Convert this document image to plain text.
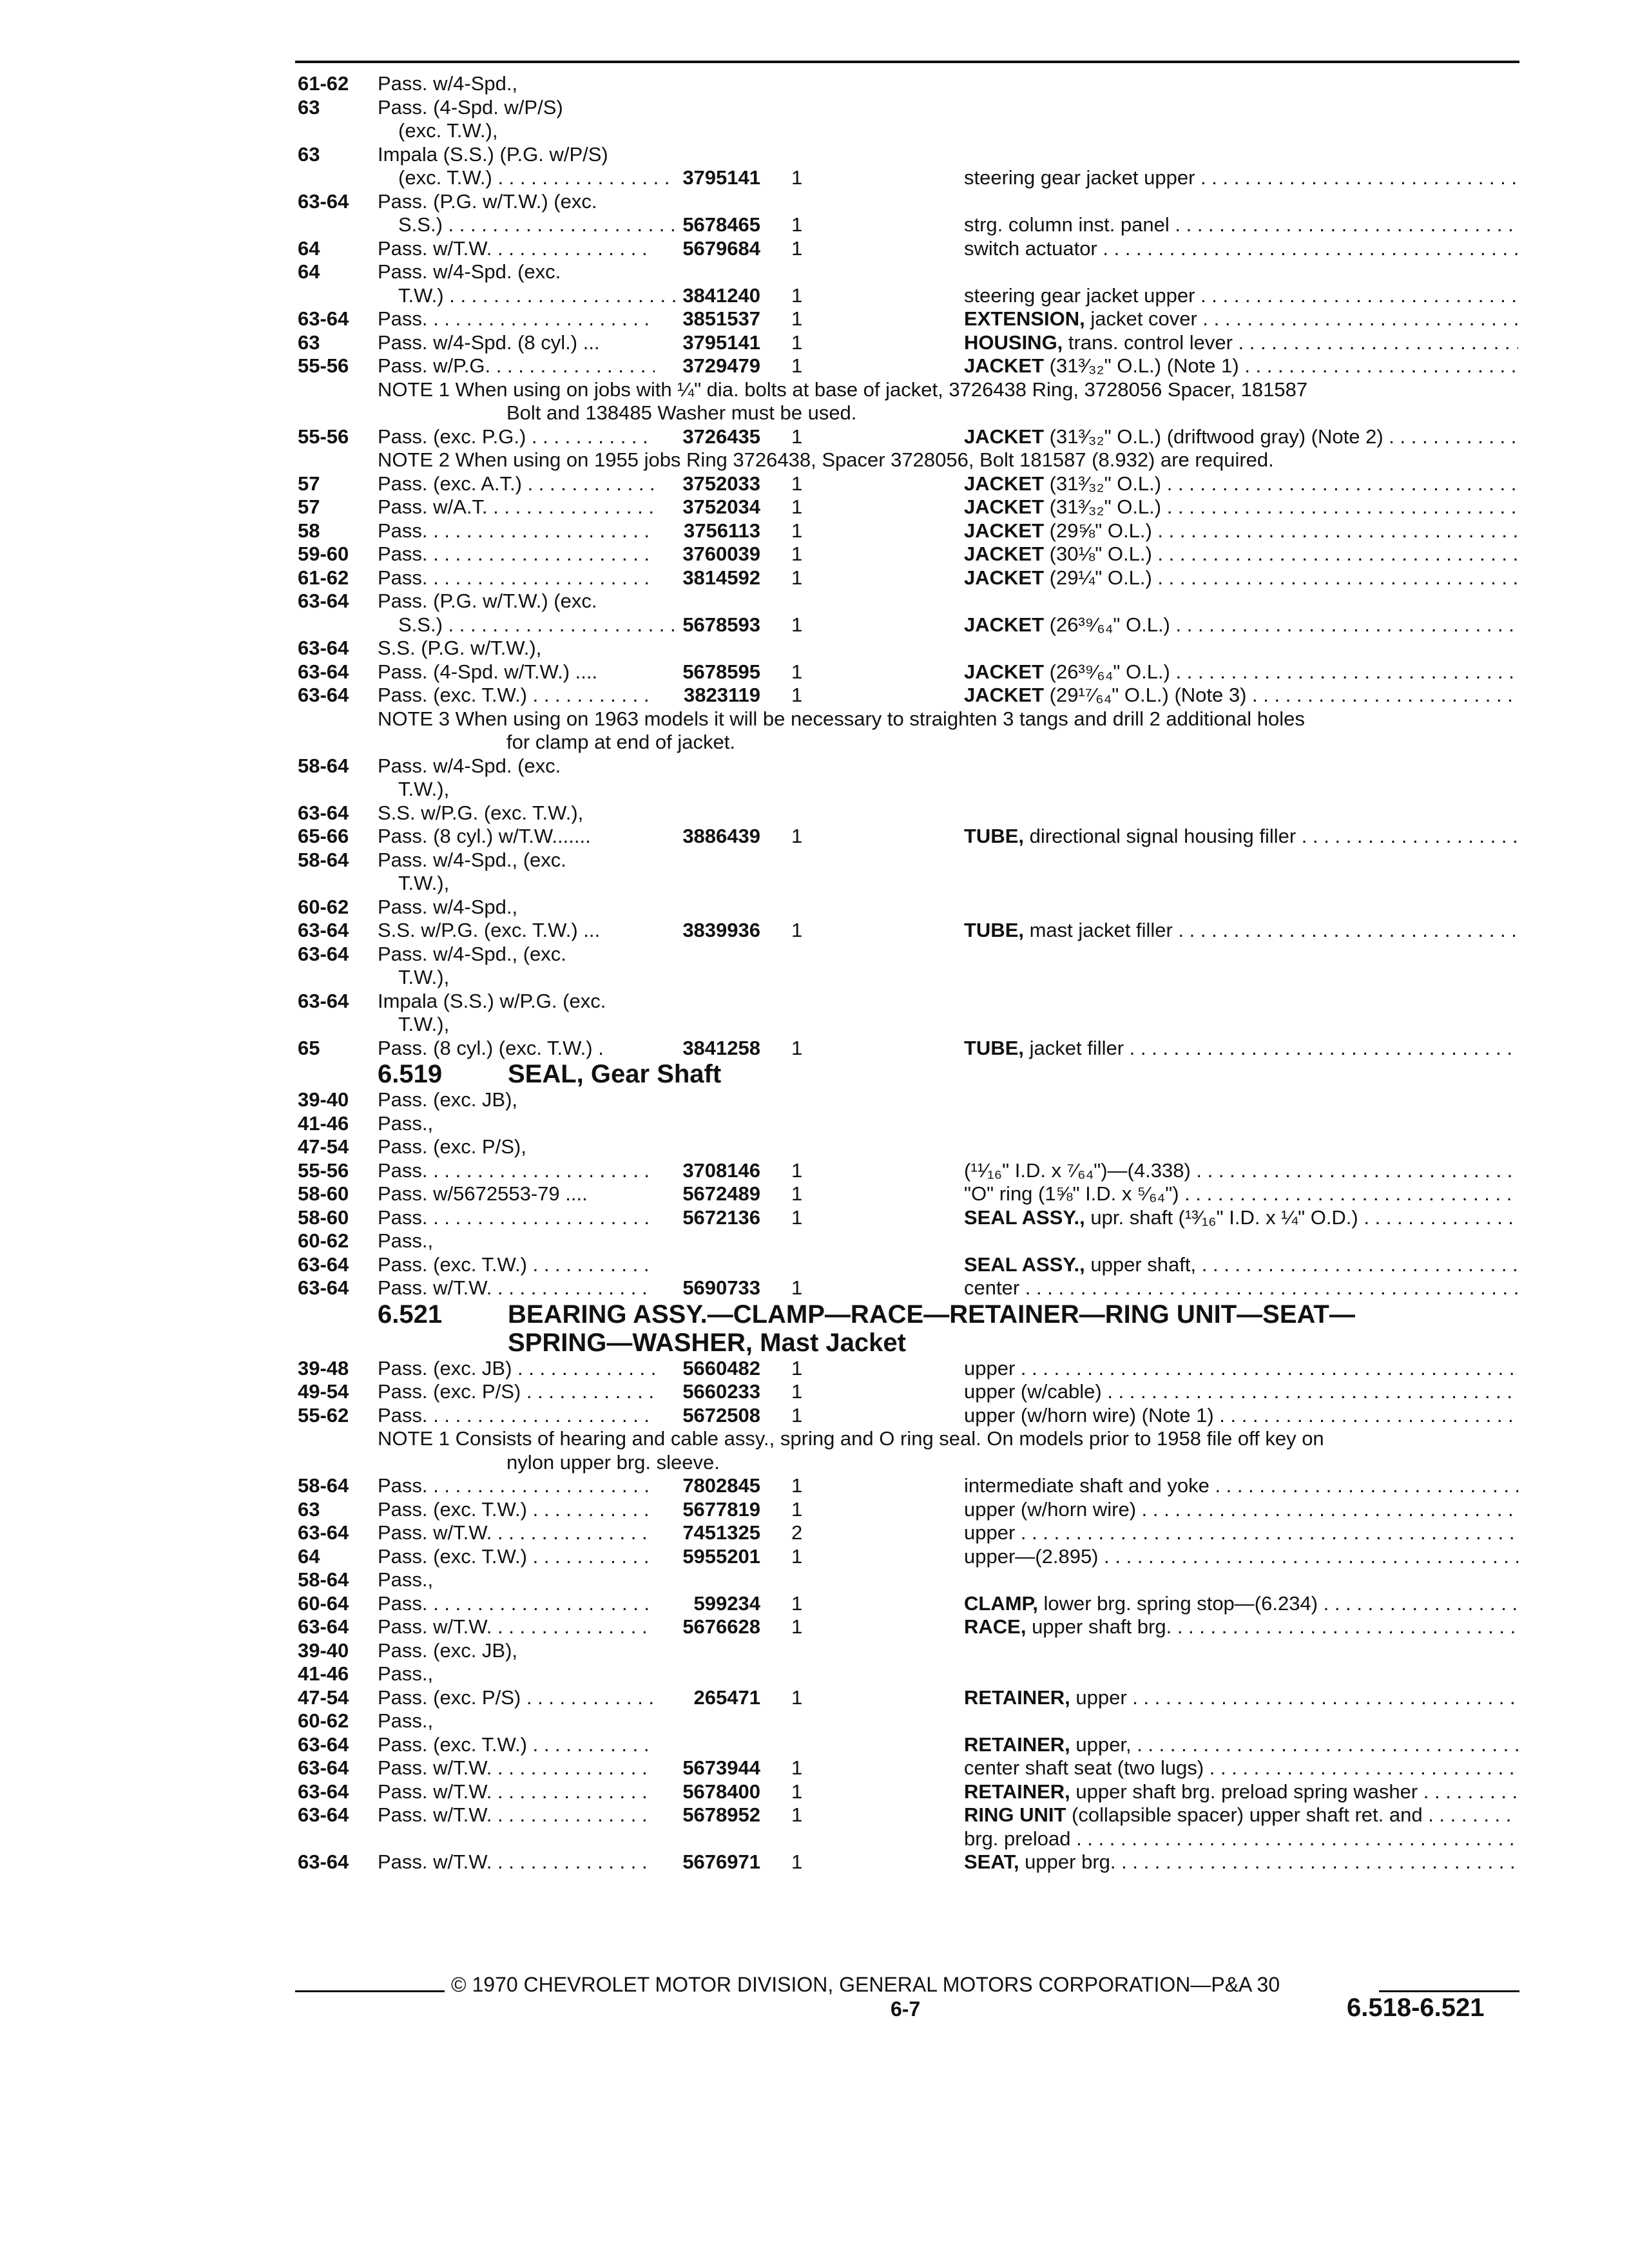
61-62 Pass. w/4-Spd.,
63	Pass. (4-Spd. w/P/S)
(exc. T.W.),
63	Impala (S.S.) (P.G. w/P/S)
(exc. T.W.) . . .	3795141 1	steering gear jacket upper . . .
63-64 Pass. (P.G. w/T.W.) (exc.
S.S.) . . .	5678465 1	strg. column inst. panel . . .
64	Pass. w/T.W. . . .	5679684 1	switch actuator . . .
64	Pass. w/4-Spd. (exc.
T.W.) . . .	3841240 1	steering gear jacket upper . . .
63-64 Pass. . . .	3851537 1	EXTENSION, jacket cover . . .
63	Pass. w/4-Spd. (8 cyl.) ...	3795141 1	HOUSING, trans. control lever . . .
55-56 Pass. w/P.G. . . .	3729479 1	JACKET (31³⁄₃₂" O.L.) (Note 1) . . .
NOTE 1 When using on jobs with ¼" dia. bolts at base of jacket, 3726438 Ring, 3728056 Spacer, 181587
Bolt and 138485 Washer must be used.
55-56 Pass. (exc. P.G.) . . .	3726435 1	JACKET (31³⁄₃₂" O.L.) (driftwood gray) (Note 2) . . .
NOTE 2 When using on 1955 jobs Ring 3726438, Spacer 3728056, Bolt 181587 (8.932) are required.
57	Pass. (exc. A.T.) . . .	3752033 1	JACKET (31³⁄₃₂" O.L.) . . .
57	Pass. w/A.T. . . .	3752034 1	JACKET (31³⁄₃₂" O.L.) . . .
58	Pass. . . .	3756113 1	JACKET (29⅝" O.L.) . . .
59-60 Pass. . . .	3760039 1	JACKET (30⅛" O.L.) . . .
61-62 Pass. . . .	3814592 1	JACKET (29¼" O.L.) . . .
63-64 Pass. (P.G. w/T.W.) (exc.
S.S.) . . .	5678593 1	JACKET (26³⁹⁄₆₄" O.L.) . . .
63-64 S.S. (P.G. w/T.W.),
63-64 Pass. (4-Spd. w/T.W.) ....	5678595 1	JACKET (26³⁹⁄₆₄" O.L.) . . .
63-64 Pass. (exc. T.W.) . . .	3823119 1	JACKET (29¹⁷⁄₆₄" O.L.) (Note 3) . . .
NOTE 3 When using on 1963 models it will be necessary to straighten 3 tangs and drill 2 additional holes
for clamp at end of jacket.
58-64 Pass. w/4-Spd. (exc.
T.W.),
63-64 S.S. w/P.G. (exc. T.W.),
65-66 Pass. (8 cyl.) w/T.W.......	3886439 1	TUBE, directional signal housing filler . . .
58-64 Pass. w/4-Spd., (exc.
T.W.),
60-62 Pass. w/4-Spd.,
63-64 S.S. w/P.G. (exc. T.W.) ...	3839936 1	TUBE, mast jacket filler . . .
63-64 Pass. w/4-Spd., (exc.
T.W.),
63-64 Impala (S.S.) w/P.G. (exc.
T.W.),
65	Pass. (8 cyl.) (exc. T.W.) .	3841258 1	TUBE, jacket filler . . .
6.519	SEAL, Gear Shaft
39-40 Pass. (exc. JB),
41-46 Pass.,
47-54 Pass. (exc. P/S),
55-56 Pass. . . .	3708146 1	(¹¹⁄₁₆" I.D. x ⁷⁄₆₄")—(4.338) . . .
58-60 Pass. w/5672553-79 ....	5672489 1	"O" ring (1⅝" I.D. x ⁵⁄₆₄") . . .
58-60 Pass. . . .	5672136 1	SEAL ASSY., upr. shaft (¹³⁄₁₆" I.D. x ¼" O.D.) . . .
60-62 Pass.,
63-64 Pass. (exc. T.W.) . . .	SEAL ASSY., upper shaft, . . .
63-64 Pass. w/T.W. . . .	5690733 1	center . . .
6.521	BEARING ASSY.—CLAMP—RACE—RETAINER—RING UNIT—SEAT—
SPRING—WASHER, Mast Jacket
39-48 Pass. (exc. JB) . . .	5660482 1	upper . . .
49-54 Pass. (exc. P/S) . . .	5660233 1	upper (w/cable) . . .
55-62 Pass. . . .	5672508 1	upper (w/horn wire) (Note 1) . . .
NOTE 1 Consists of hearing and cable assy., spring and O ring seal. On models prior to 1958 file off key on
nylon upper brg. sleeve.
58-64 Pass. . . .	7802845 1	intermediate shaft and yoke . . .
63	Pass. (exc. T.W.) . . .	5677819 1	upper (w/horn wire) . . .
63-64 Pass. w/T.W. . . .	7451325 2	upper . . .
64	Pass. (exc. T.W.) . . .	5955201 1	upper—(2.895) . . .
58-64 Pass.,
60-64 Pass. . . .	599234 1	CLAMP, lower brg. spring stop—(6.234) . . .
63-64 Pass. w/T.W. . . .	5676628 1	RACE, upper shaft brg. . . .
39-40 Pass. (exc. JB),
41-46 Pass.,
47-54 Pass. (exc. P/S) . . .	265471 1	RETAINER, upper . . .
60-62 Pass.,
63-64 Pass. (exc. T.W.) . . .	RETAINER, upper, . . .
63-64 Pass. w/T.W. . . .	5673944 1	center shaft seat (two lugs) . . .
63-64 Pass. w/T.W. . . .	5678400 1	RETAINER, upper shaft brg. preload spring washer . . . .
63-64 Pass. w/T.W. . . .	5678952 1	RING UNIT (collapsible spacer) upper shaft ret. and . . .
brg. preload . . .
63-64 Pass. w/T.W. . . .	5676971 1	SEAT, upper brg. . . .
© 1970 CHEVROLET MOTOR DIVISION, GENERAL MOTORS CORPORATION—P&A 30
6-7	6.518-6.521
